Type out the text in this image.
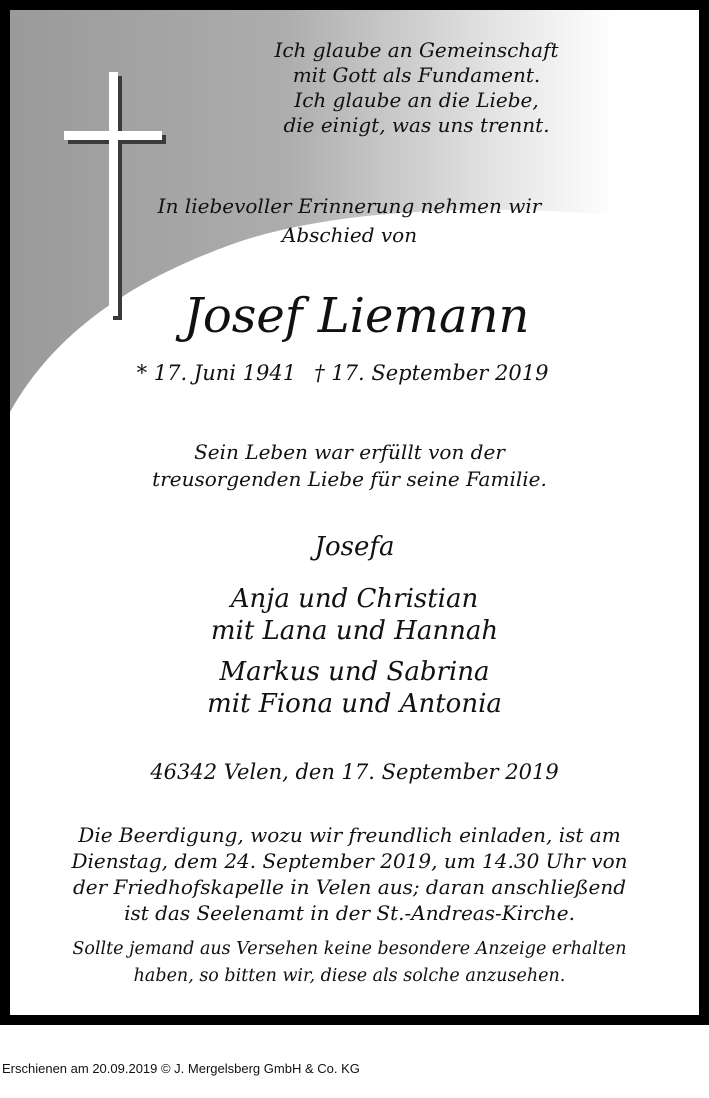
Ich glaube an Gemeinschaft
mit Gott als Fundament.
Ich glaube an die Liebe,
die einigt, was uns trennt.
In liebevoller Erinnerung nehmen wir
Abschied von
Josef Liemann
* 17. Juni 1941 † 17. September 2019
Sein Leben war erfüllt von der
treusorgenden Liebe für seine Familie.
Josefa
Anja und Christian
mit Lana und Hannah
Markus und Sabrina
mit Fiona und Antonia
46342 Velen, den 17. September 2019
Die Beerdigung, wozu wir freundlich einladen, ist am
Dienstag, dem 24. September 2019, um 14.30 Uhr von
der Friedhofskapelle in Velen aus; daran anschließend
ist das Seelenamt in der St.-Andreas-Kirche.
Sollte jemand aus Versehen keine besondere Anzeige erhalten
haben, so bitten wir, diese als solche anzusehen.
Erschienen am 20.09.2019 © J. Mergelsberg GmbH & Co. KG
